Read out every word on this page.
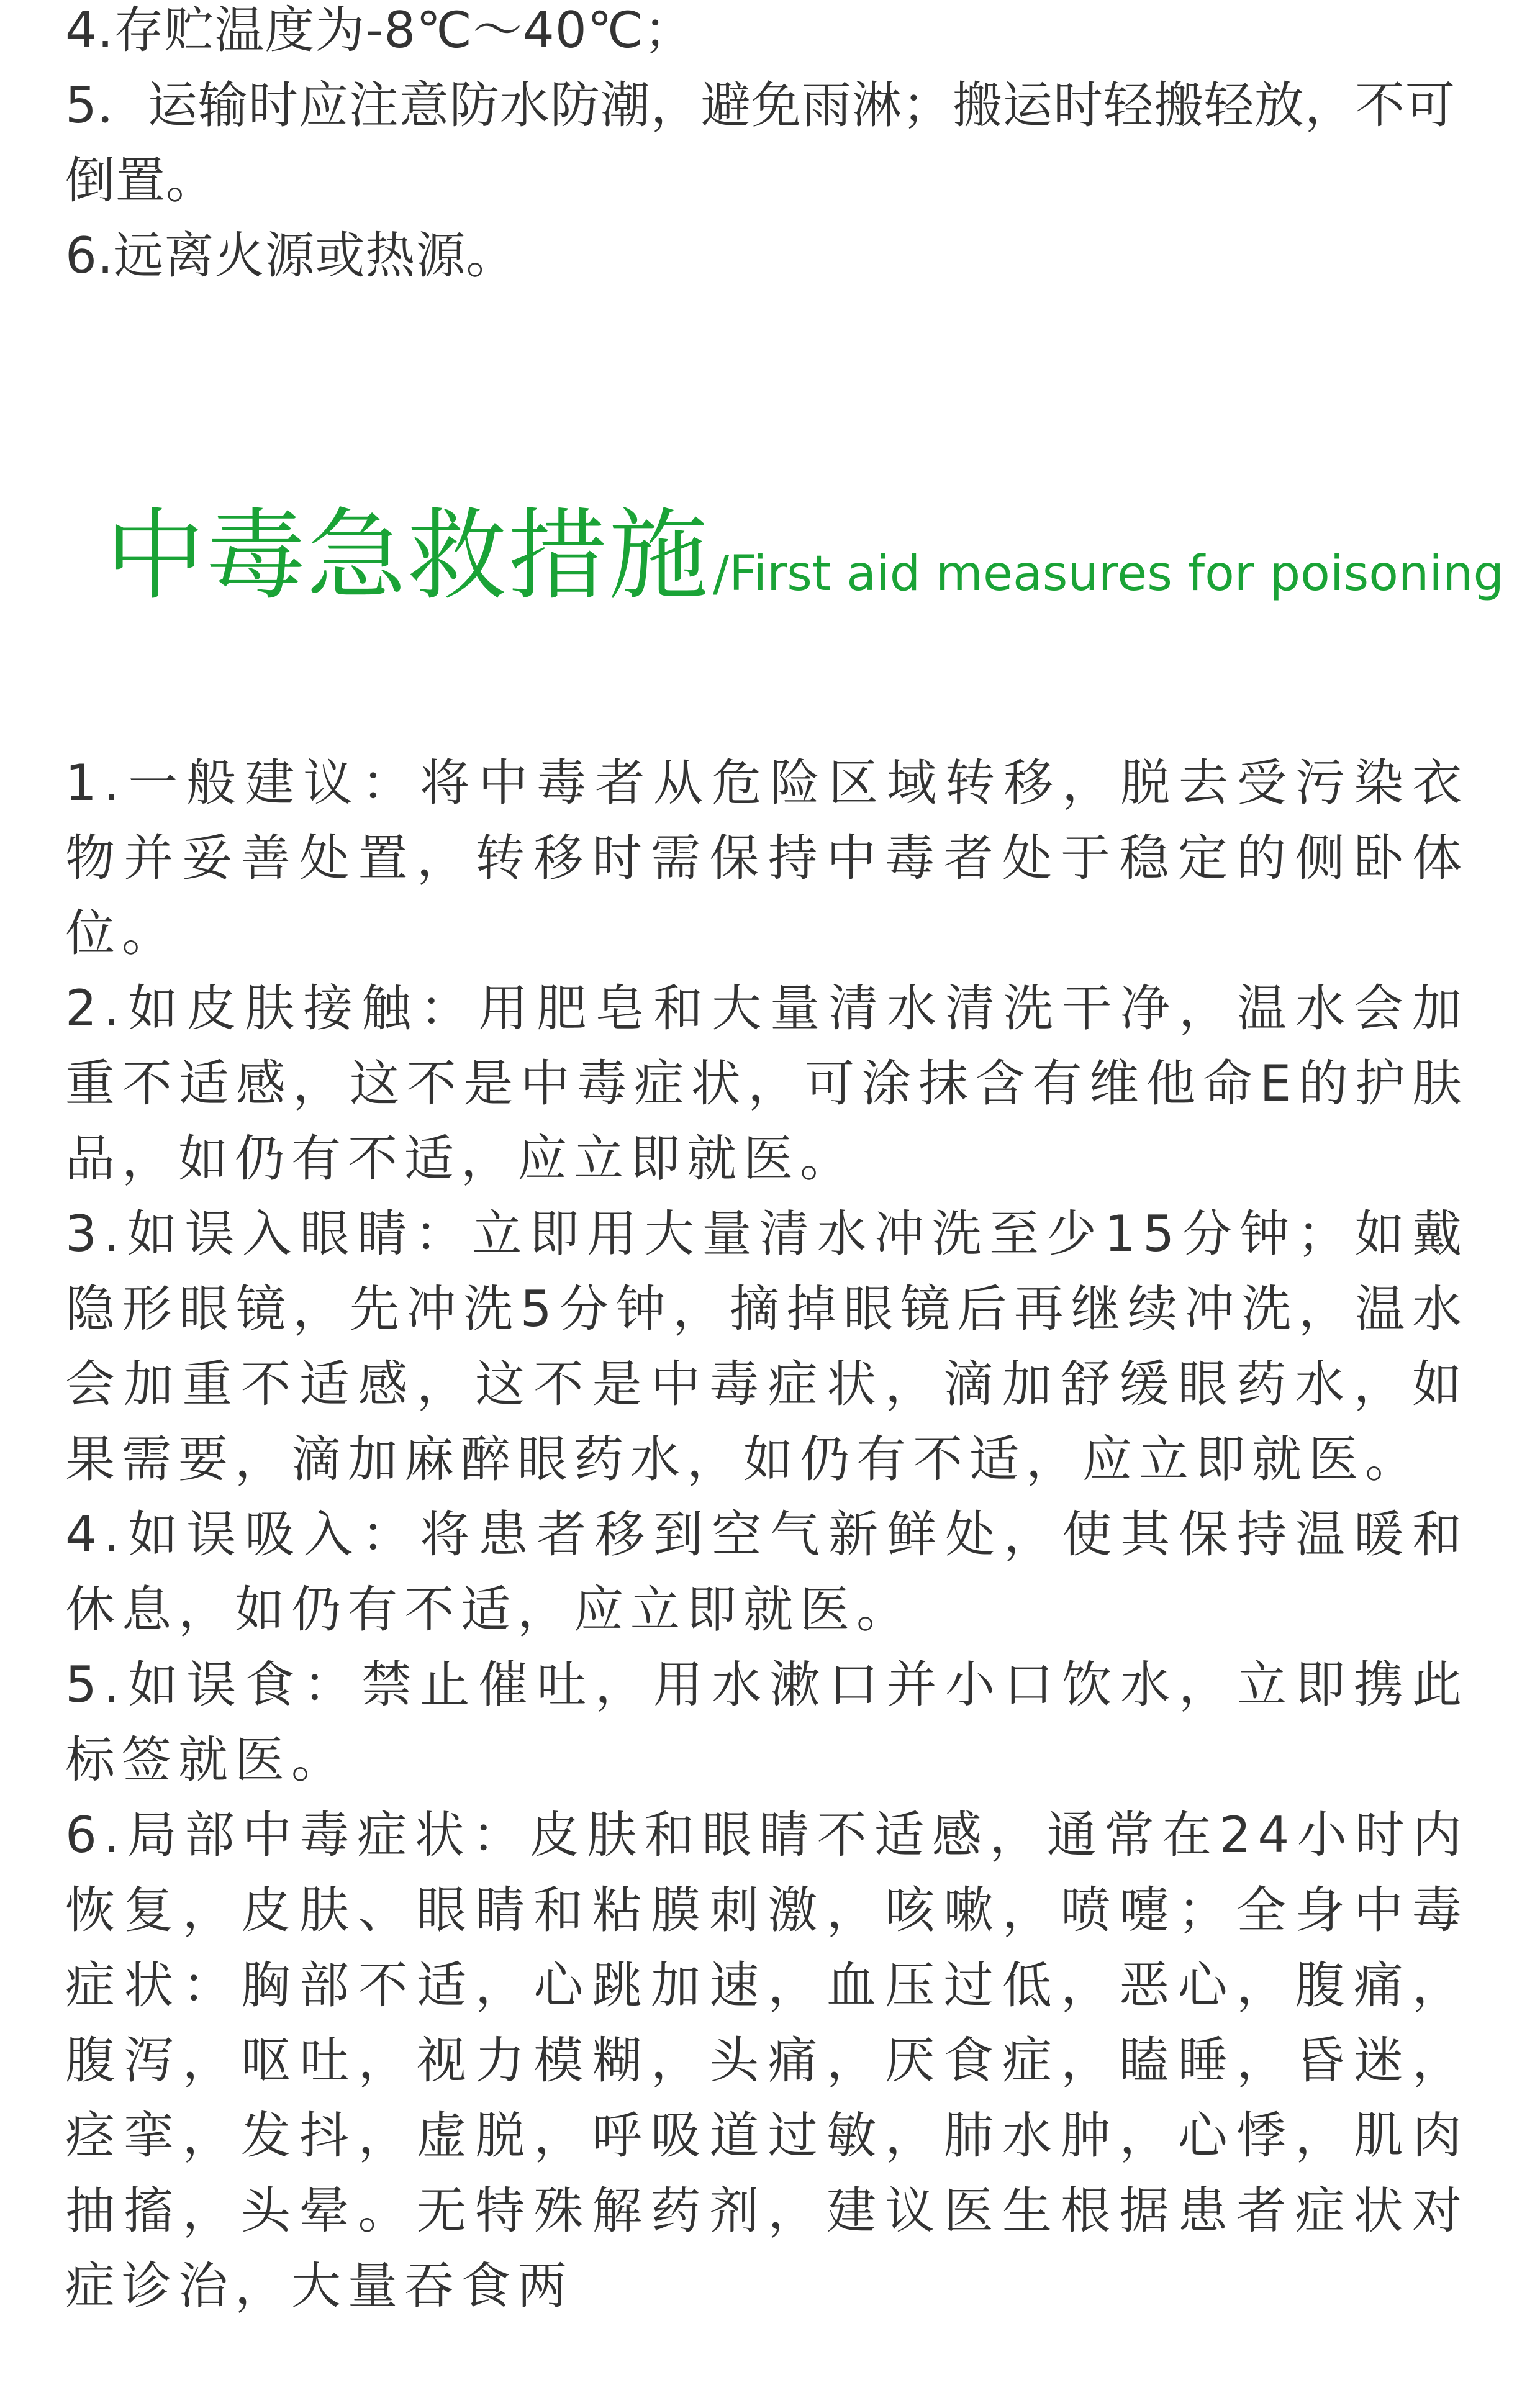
4.存贮温度为-8℃～40℃；

5．运输时应注意防水防潮，避免雨淋；搬运时轻搬轻放，不可倒置。

6.远离火源或热源。

中毒急救措施 /First aid measures for poisoning

1.一般建议：将中毒者从危险区域转移，脱去受污染衣物并妥善处置，转移时需保持中毒者处于稳定的侧卧体位。

2.如皮肤接触：用肥皂和大量清水清洗干净，温水会加重不适感，这不是中毒症状，可涂抹含有维他命E的护肤品，如仍有不适，应立即就医。

3.如误入眼睛：立即用大量清水冲洗至少15分钟；如戴隐形眼镜，先冲洗5分钟，摘掉眼镜后再继续冲洗，温水会加重不适感，这不是中毒症状，滴加舒缓眼药水，如果需要，滴加麻醉眼药水，如仍有不适，应立即就医。

4.如误吸入：将患者移到空气新鲜处，使其保持温暖和休息，如仍有不适，应立即就医。

5.如误食：禁止催吐，用水漱口并小口饮水，立即携此标签就医。

6.局部中毒症状：皮肤和眼睛不适感，通常在24小时内恢复，皮肤、眼睛和粘膜刺激，咳嗽，喷嚏；全身中毒症状：胸部不适，心跳加速，血压过低，恶心，腹痛，腹泻，呕吐，视力模糊，头痛，厌食症，瞌睡，昏迷，痉挛，发抖，虚脱，呼吸道过敏，肺水肿，心悸，肌肉抽搐，头晕。无特殊解药剂，建议医生根据患者症状对症诊治，大量吞食两
